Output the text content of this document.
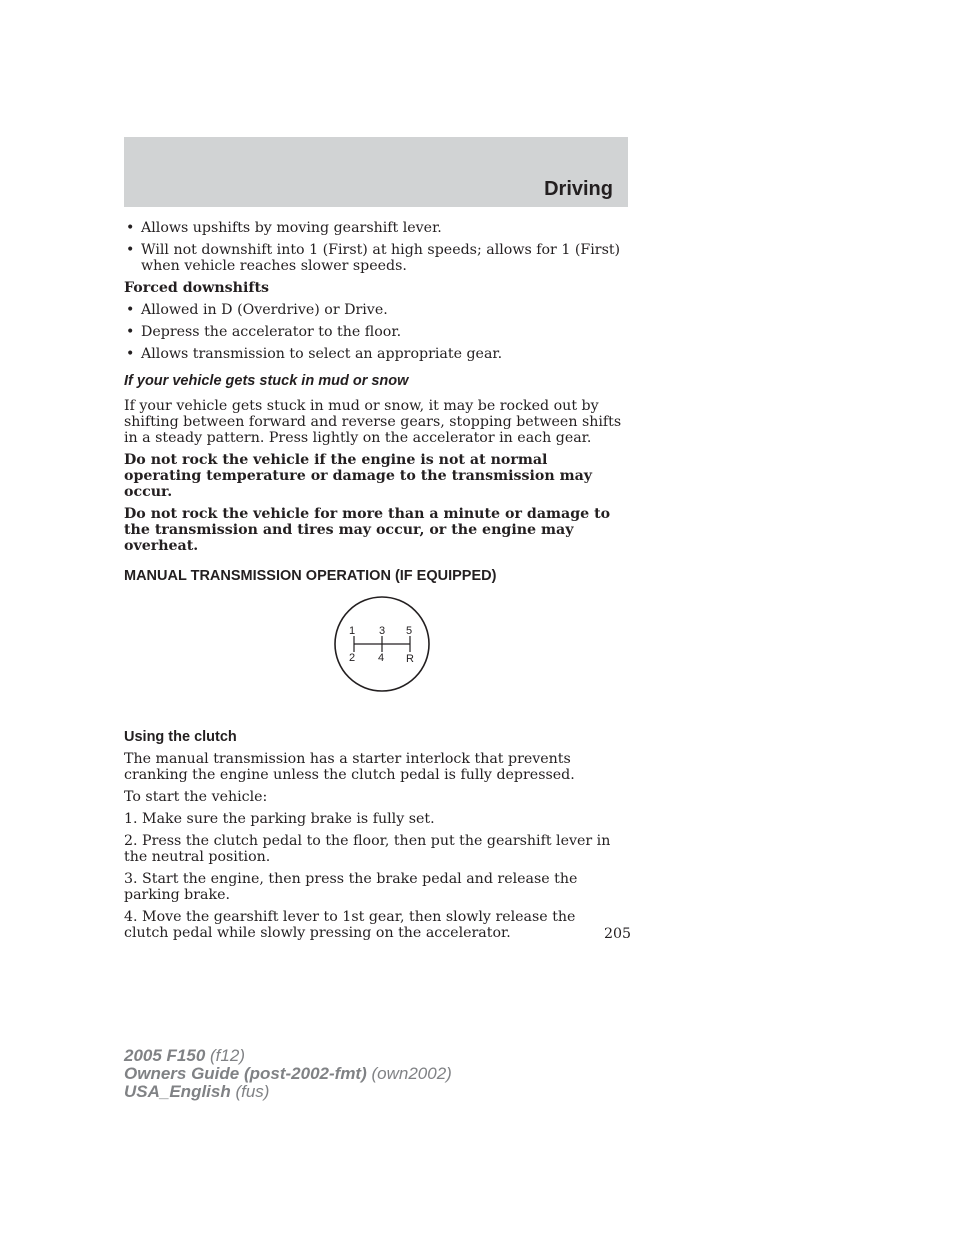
Driving
• Allows upshifts by moving gearshift lever.
• Will not downshift into 1 (First) at high speeds; allows for 1 (First) when vehicle reaches slower speeds.
Forced downshifts
• Allowed in D (Overdrive) or Drive.
• Depress the accelerator to the floor.
• Allows transmission to select an appropriate gear.
If your vehicle gets stuck in mud or snow
If your vehicle gets stuck in mud or snow, it may be rocked out by shifting between forward and reverse gears, stopping between shifts in a steady pattern. Press lightly on the accelerator in each gear.
Do not rock the vehicle if the engine is not at normal operating temperature or damage to the transmission may occur.
Do not rock the vehicle for more than a minute or damage to the transmission and tires may occur, or the engine may overheat.
MANUAL TRANSMISSION OPERATION (IF EQUIPPED)
1 3 5
2 4 R
Using the clutch
The manual transmission has a starter interlock that prevents cranking the engine unless the clutch pedal is fully depressed.
To start the vehicle:
1. Make sure the parking brake is fully set.
2. Press the clutch pedal to the floor, then put the gearshift lever in the neutral position.
3. Start the engine, then press the brake pedal and release the parking brake.
4. Move the gearshift lever to 1st gear, then slowly release the clutch pedal while slowly pressing on the accelerator.	205
2005 F150 (f12)
Owners Guide (post-2002-fmt) (own2002)
USA_English (fus)
